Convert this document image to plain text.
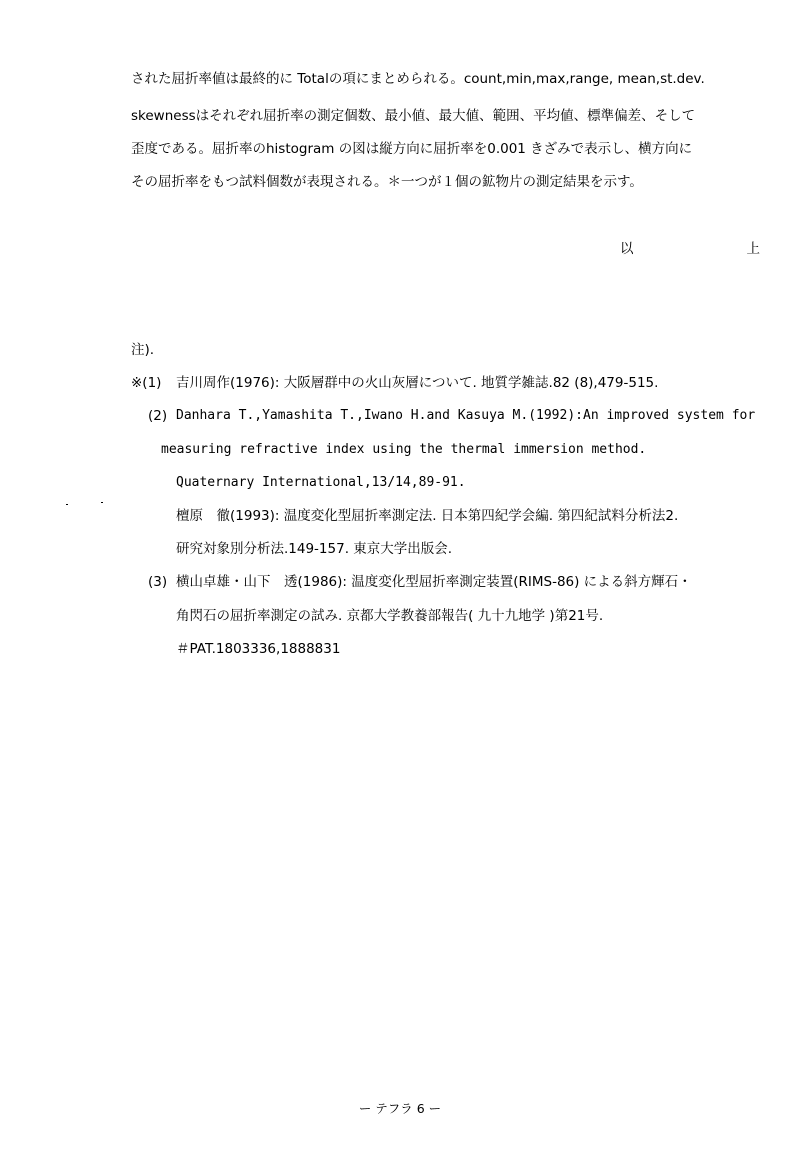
された屈折率値は最終的に Totalの項にまとめられる。count,min,max,range, mean,st.dev.
skewnessはそれぞれ屈折率の測定個数、最小値、最大値、範囲、平均値、標準偏差、そして
歪度である。屈折率のhistogram の図は縦方向に屈折率を0.001 きざみで表示し、横方向に
その屈折率をもつ試料個数が表現される。＊一つが１個の鉱物片の測定結果を示す。
以	上
注).
※(1) 吉川周作(1976): 大阪層群中の火山灰層について. 地質学雑誌.82 (8),479-515.
(2) Danhara T.,Yamashita T.,Iwano H.and Kasuya M.(1992):An improved system for
measuring refractive index using the thermal immersion method.
Quaternary International,13/14,89-91.
檀原　徹(1993): 温度変化型屈折率測定法. 日本第四紀学会編. 第四紀試料分析法2.
研究対象別分析法.149-157. 東京大学出版会.
(3) 横山卓雄・山下　透(1986): 温度変化型屈折率測定装置(RIMS-86) による斜方輝石・
角閃石の屈折率測定の試み. 京都大学教養部報告( 九十九地学 )第21号.
＃PAT.1803336,1888831
ー テフラ 6 ー
